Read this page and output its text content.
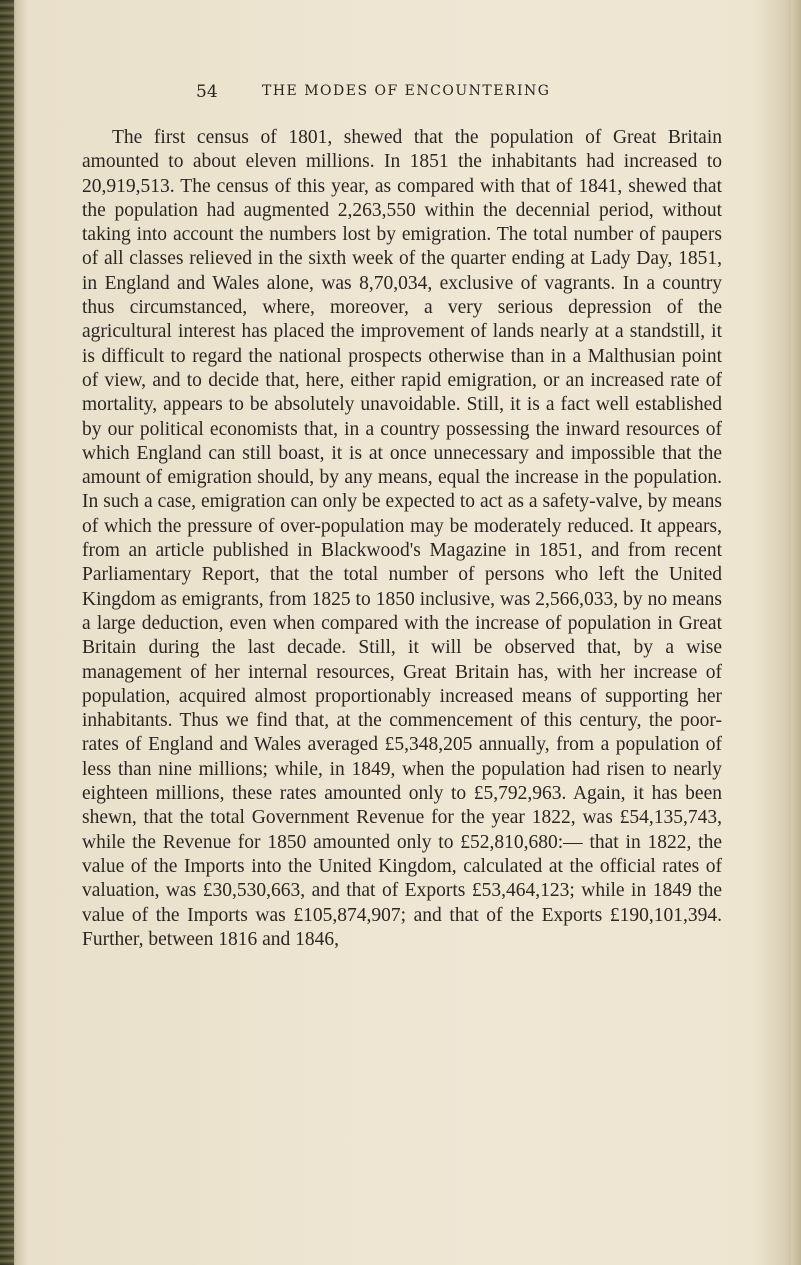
54	THE MODES OF ENCOUNTERING

The first census of 1801, shewed that the population of Great Britain amounted to about eleven millions. In 1851 the inhabitants had increased to 20,919,513. The census of this year, as compared with that of 1841, shewed that the population had augmented 2,263,550 within the decennial period, without taking into account the numbers lost by emigration. The total number of paupers of all classes relieved in the sixth week of the quarter ending at Lady Day, 1851, in England and Wales alone, was 8,70,034, exclusive of vagrants. In a country thus circumstanced, where, moreover, a very serious depression of the agricultural interest has placed the improvement of lands nearly at a standstill, it is difficult to regard the national prospects otherwise than in a Malthusian point of view, and to decide that, here, either rapid emigration, or an increased rate of mortality, appears to be absolutely unavoidable. Still, it is a fact well established by our political economists that, in a country possessing the inward resources of which England can still boast, it is at once unnecessary and impossible that the amount of emigration should, by any means, equal the increase in the population. In such a case, emigration can only be expected to act as a safety-valve, by means of which the pressure of over-population may be moderately reduced. It appears, from an article published in Blackwood's Magazine in 1851, and from recent Parliamentary Report, that the total number of persons who left the United Kingdom as emigrants, from 1825 to 1850 inclusive, was 2,566,033, by no means a large deduction, even when compared with the increase of population in Great Britain during the last decade. Still, it will be observed that, by a wise management of her internal resources, Great Britain has, with her increase of population, acquired almost proportionably increased means of supporting her inhabitants. Thus we find that, at the commencement of this century, the poor-rates of England and Wales averaged £5,348,205 annually, from a population of less than nine millions; while, in 1849, when the population had risen to nearly eighteen millions, these rates amounted only to £5,792,963. Again, it has been shewn, that the total Government Revenue for the year 1822, was £54,135,743, while the Revenue for 1850 amounted only to £52,810,680:— that in 1822, the value of the Imports into the United Kingdom, calculated at the official rates of valuation, was £30,530,663, and that of Exports £53,464,123; while in 1849 the value of the Imports was £105,874,907; and that of the Exports £190,101,394. Further, between 1816 and 1846,
